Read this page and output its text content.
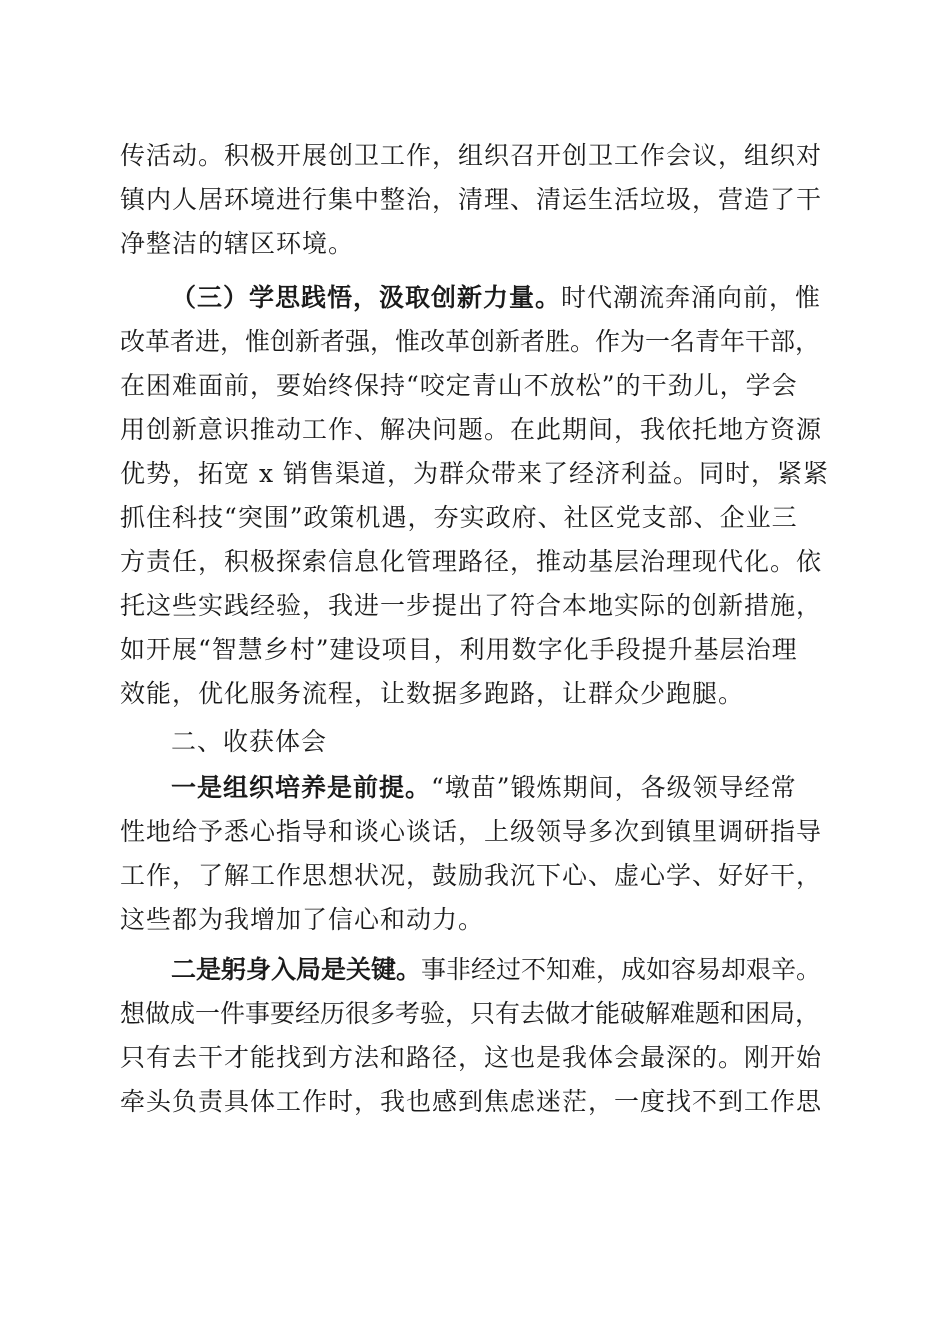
传活动。积极开展创卫工作，组织召开创卫工作会议，组织对
镇内人居环境进行集中整治，清理、清运生活垃圾，营造了干
净整洁的辖区环境。
（三）学思践悟，汲取创新力量。时代潮流奔涌向前，惟
改革者进，惟创新者强，惟改革创新者胜。作为一名青年干部，
在困难面前，要始终保持“咬定青山不放松”的干劲儿，学会
用创新意识推动工作、解决问题。在此期间，我依托地方资源
优势，拓宽 x 销售渠道，为群众带来了经济利益。同时，紧紧
抓住科技“突围”政策机遇，夯实政府、社区党支部、企业三
方责任，积极探索信息化管理路径，推动基层治理现代化。依
托这些实践经验，我进一步提出了符合本地实际的创新措施，
如开展“智慧乡村”建设项目，利用数字化手段提升基层治理
效能，优化服务流程，让数据多跑路，让群众少跑腿。
二、收获体会
一是组织培养是前提。“墩苗”锻炼期间，各级领导经常
性地给予悉心指导和谈心谈话，上级领导多次到镇里调研指导
工作，了解工作思想状况，鼓励我沉下心、虚心学、好好干，
这些都为我增加了信心和动力。
二是躬身入局是关键。事非经过不知难，成如容易却艰辛。
想做成一件事要经历很多考验，只有去做才能破解难题和困局，
只有去干才能找到方法和路径，这也是我体会最深的。刚开始
牵头负责具体工作时，我也感到焦虑迷茫，一度找不到工作思
